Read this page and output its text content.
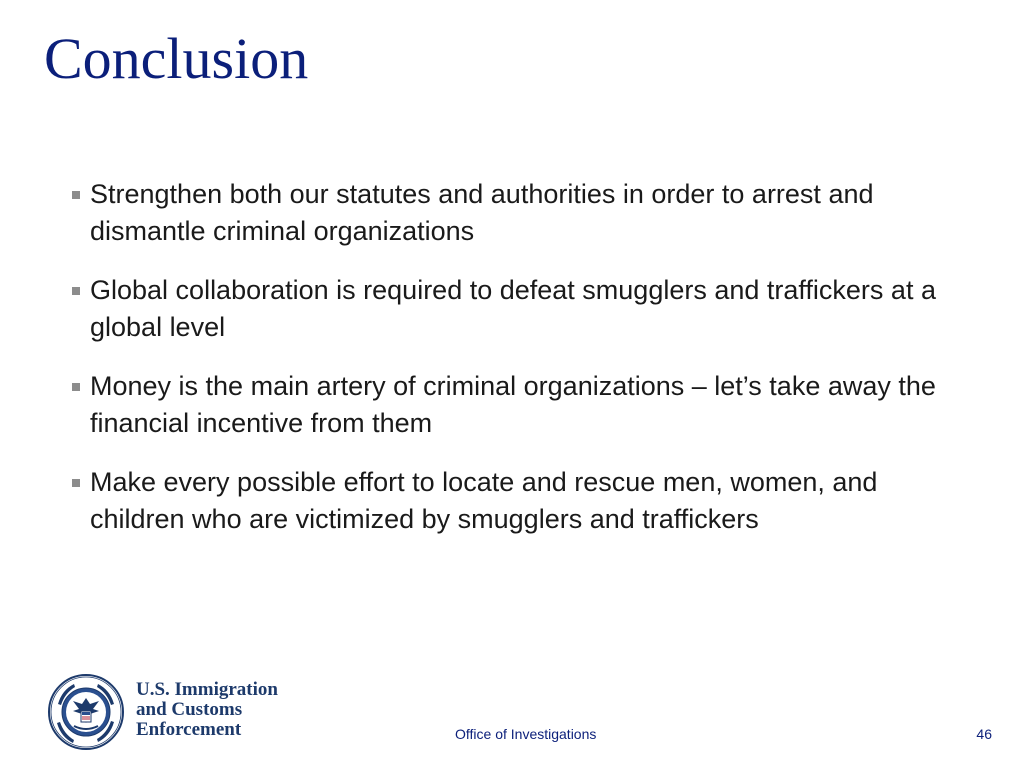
Conclusion
Strengthen both our statutes and authorities in order to arrest and dismantle criminal organizations
Global collaboration is required to defeat smugglers and traffickers at a global level
Money is the main artery of criminal organizations – let’s take away the financial incentive from them
Make every possible effort to locate and rescue men, women, and children who are victimized by smugglers and traffickers
U.S. Immigration
and Customs
Enforcement	Office of Investigations	46
